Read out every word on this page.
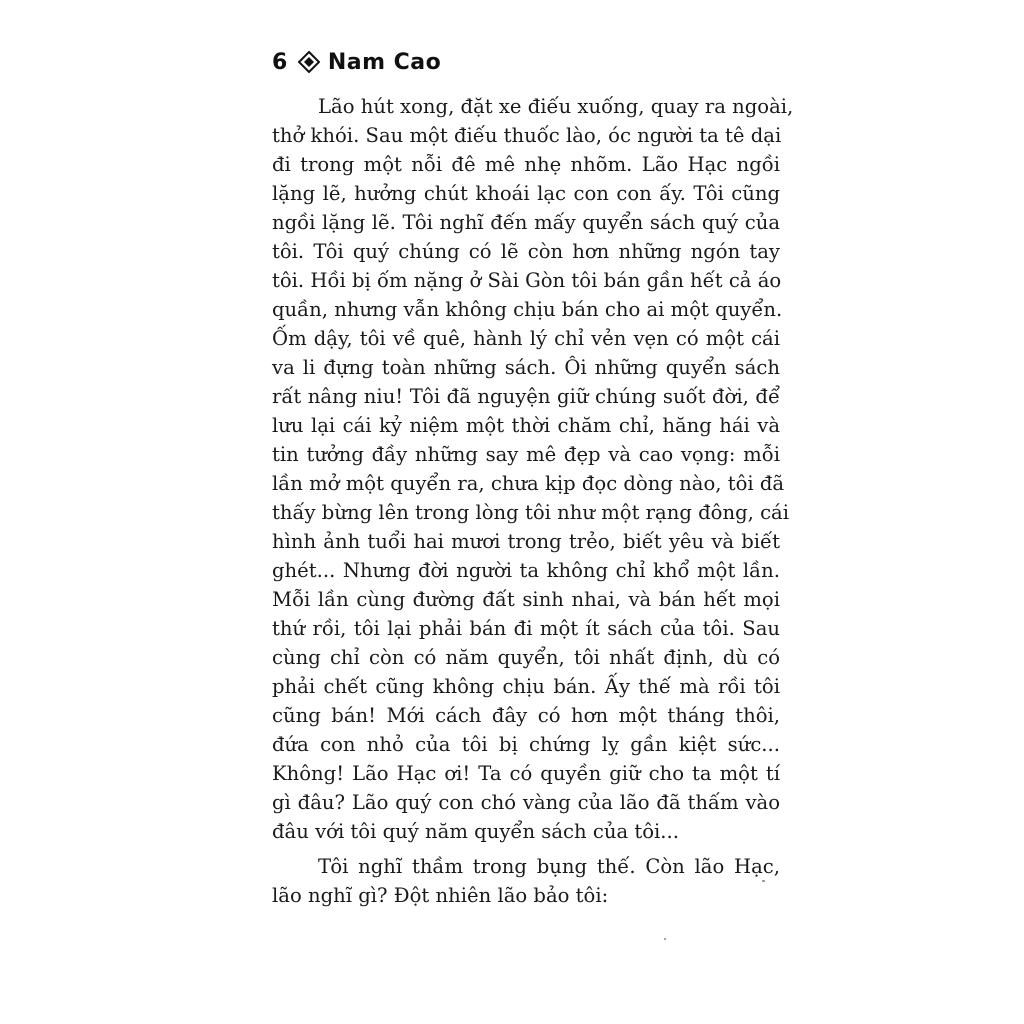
6 Nam Cao
Lão hút xong, đặt xe điếu xuống, quay ra ngoài,
thở khói. Sau một điếu thuốc lào, óc người ta tê dại
đi trong một nỗi đê mê nhẹ nhõm. Lão Hạc ngồi
lặng lẽ, hưởng chút khoái lạc con con ấy. Tôi cũng
ngồi lặng lẽ. Tôi nghĩ đến mấy quyển sách quý của
tôi. Tôi quý chúng có lẽ còn hơn những ngón tay
tôi. Hồi bị ốm nặng ở Sài Gòn tôi bán gần hết cả áo
quần, nhưng vẫn không chịu bán cho ai một quyển.
Ốm dậy, tôi về quê, hành lý chỉ vẻn vẹn có một cái
va li đựng toàn những sách. Ôi những quyển sách
rất nâng niu! Tôi đã nguyện giữ chúng suốt đời, để
lưu lại cái kỷ niệm một thời chăm chỉ, hăng hái và
tin tưởng đầy những say mê đẹp và cao vọng: mỗi
lần mở một quyển ra, chưa kịp đọc dòng nào, tôi đã
thấy bừng lên trong lòng tôi như một rạng đông, cái
hình ảnh tuổi hai mươi trong trẻo, biết yêu và biết
ghét... Nhưng đời người ta không chỉ khổ một lần.
Mỗi lần cùng đường đất sinh nhai, và bán hết mọi
thứ rồi, tôi lại phải bán đi một ít sách của tôi. Sau
cùng chỉ còn có năm quyển, tôi nhất định, dù có
phải chết cũng không chịu bán. Ấy thế mà rồi tôi
cũng bán! Mới cách đây có hơn một tháng thôi,
đứa con nhỏ của tôi bị chứng lỵ gần kiệt sức...
Không! Lão Hạc ơi! Ta có quyền giữ cho ta một tí
gì đâu? Lão quý con chó vàng của lão đã thấm vào
đâu với tôi quý năm quyển sách của tôi...
Tôi nghĩ thầm trong bụng thế. Còn lão Hạc,
lão nghĩ gì? Đột nhiên lão bảo tôi:
